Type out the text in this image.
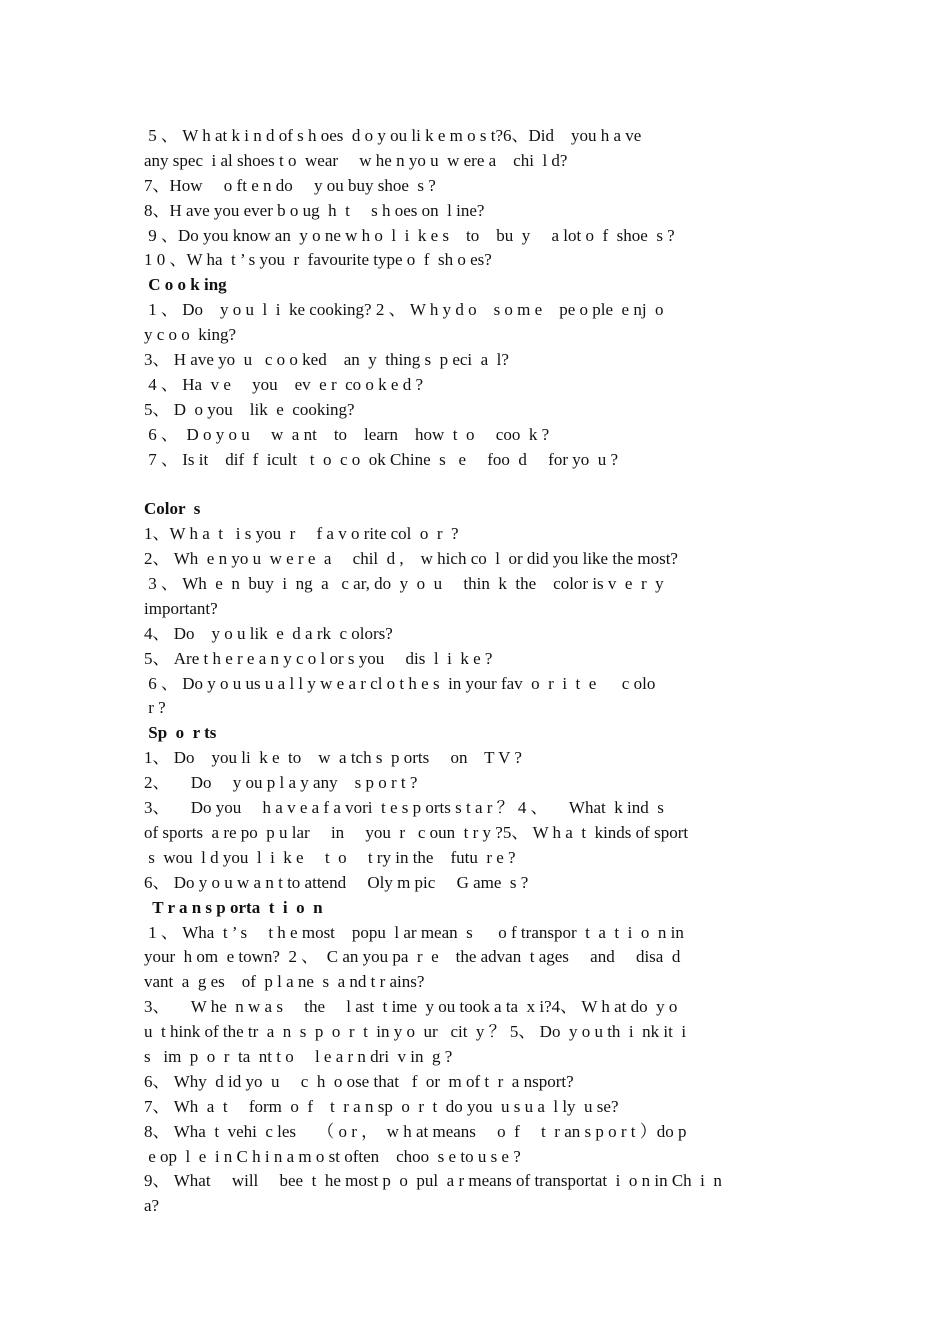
5 、 W h at k i n d of s h oes  d o y ou li k e m o s t?6、Did    you h a ve
any spec  i al shoes t o  wear     w he n yo u  w ere a    chi  l d?
7、How     o ft e n do     y ou buy shoe  s ?
8、H ave you ever b o ug  h  t     s h oes on  l ine?
9 、Do you know an  y o ne w h o  l  i  k e s    to    bu  y     a lot o  f  shoe  s ?
1 0 、W ha  t ’ s you  r  favourite type o  f  sh o es?
C o o k ing
1 、 Do    y o u  l  i  ke cooking? 2 、 W h y d o    s o m e    pe o ple  e nj  o
y c o o  king?
3、 H ave yo  u   c o o ked    an  y  thing s  p eci  a  l?
4 、 Ha  v e     you    ev  e r  co o k e d ?
5、 D  o you    lik  e  cooking?
6 、  D o y o u     w  a nt    to    learn    how  t  o     coo  k ?
7 、 Is it    dif  f  icult   t  o  c o  ok Chine  s   e     foo  d     for yo  u ?
Color  s
1、W h a  t   i s you  r     f a v o rite col  o  r  ?
2、 Wh  e n yo u  w e r e  a     chil  d ,    w hich co  l  or did you like the most?
3 、 Wh  e  n  buy  i  ng  a   c ar, do  y  o  u     thin  k  the    color is v  e  r  y
important?
4、 Do    y o u lik  e  d a rk  c olors?
5、 Are t h e r e a n y c o l or s you     dis  l  i  k e ?
6 、 Do y o u us u a l l y w e a r cl o t h e s  in your fav  o  r  i  t  e      c olo
r ?
Sp  o  r ts
1、 Do    you li  k e  to    w  a tch s  p orts     on    T V ?
2、     Do     y ou p l a y any    s p o r t ?
3、     Do you     h a v e a f a vori  t e s p orts s t a r ？ 4 、     What  k ind  s
of sports  a re po  p u lar     in     you  r   c oun  t r y ?5、 W h a  t  kinds of sport
s  wou  l d you  l  i  k e     t  o     t ry in the    futu  r e ?
6、 Do y o u w a n t to attend     Oly m pic     G ame  s ?
T r a n s p orta  t  i  o  n
1 、 Wha  t ’ s     t h e most    popu  l ar mean  s      o f transpor  t  a  t  i  o  n in
your  h om  e town?  2 、  C an you pa  r  e    the advan  t ages     and     disa  d
vant  a  g es    of  p l a ne  s  a nd t r ains?
3、     W he  n w a s     the     l ast  t ime  y ou took a ta  x i?4、 W h at do  y o
u  t hink of the tr  a  n  s  p  o  r  t  in y o  ur   cit  y ？ 5、 Do  y o u th  i  nk it  i
s   im  p  o  r  ta  nt t o     l e a r n dri  v in  g ?
6、 Why  d id yo  u     c  h  o ose that   f  or  m of t  r  a nsport?
7、 Wh  a  t     form  o  f    t  r a n sp  o  r  t  do you  u s u a  l ly  u se?
8、 Wha  t  vehi  c les     （ o r ，  w h at means     o  f     t  r an s p o r t ）do p
e op  l  e  i n C h i n a m o st often    choo  s e to u s e ?
9、 What     will     bee  t  he most p  o  pul  a r means of transportat  i  o n in Ch  i  n
a?
